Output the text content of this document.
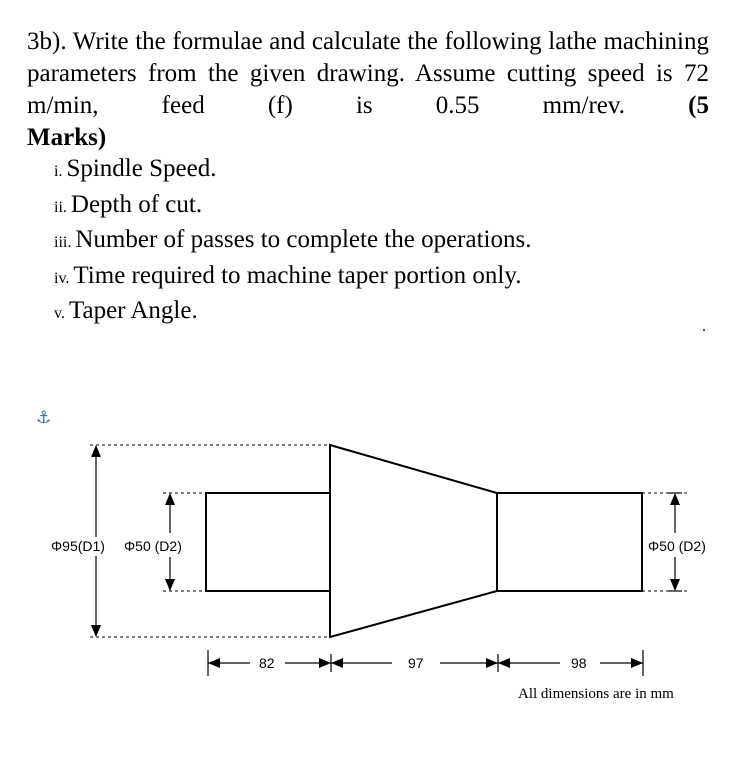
3b). Write the formulae and calculate the following lathe machining parameters from the given drawing. Assume cutting speed is 72 m/min, feed (f) is 0.55 mm/rev.	(5
Marks)
i. Spindle Speed.
ii. Depth of cut.
iii. Number of passes to complete the operations.
iv. Time required to machine taper portion only.
v. Taper Angle.
.
⚓
Φ95(D1) Φ50 (D2)	Φ50 (D2)
82	97	98
All dimensions are in mm
